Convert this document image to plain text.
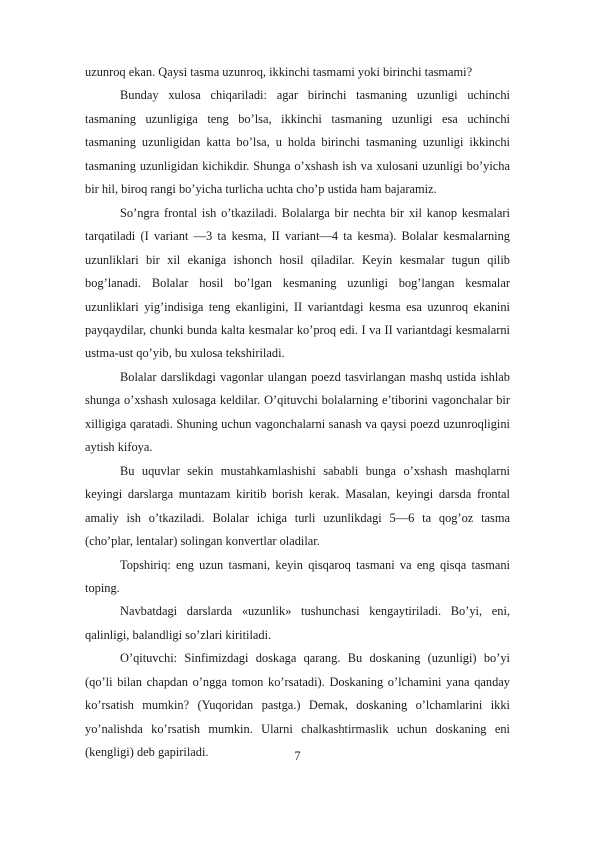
uzunroq ekan. Qaysi tasma uzunroq, ikkinchi tasmami yoki birinchi tasmami?

Bunday xulosa chiqariladi: agar birinchi tasmaning uzunligi uchinchi tasmaning uzunligiga teng bo’lsa, ikkinchi tasmaning uzunligi esa uchinchi tasmaning uzunligidan katta bo’lsa, u holda birinchi tasmaning uzunligi ikkinchi tasmaning uzunligidan kichikdir. Shunga o’xshash ish va xulosani uzunligi bo’yicha bir hil, biroq rangi bo’yicha turlicha uchta cho’p ustida ham bajaramiz.

So’ngra frontal ish o’tkaziladi. Bolalarga bir nechta bir xil kanop kesmalari tarqatiladi (I variant —3 ta kesma, II variant—4 ta kesma). Bolalar kesmalarning uzunliklari bir xil ekaniga ishonch hosil qiladilar. Keyin kesmalar tugun qilib bog’lanadi. Bolalar hosil bo’lgan kesmaning uzunligi bog’langan kesmalar uzunliklari yig’indisiga teng ekanligini, II variantdagi kesma esa uzunroq ekanini payqaydilar, chunki bunda kalta kesmalar ko’proq edi. I va II variantdagi kesmalarni ustma-ust qo’yib, bu xulosa tekshiriladi.

Bolalar darslikdagi vagonlar ulangan poezd tasvirlangan mashq ustida ishlab shunga o’xshash xulosaga keldilar. O’qituvchi bolalarning e’tiborini vagonchalar bir xilligiga qaratadi. Shuning uchun vagonchalarni sanash va qaysi poezd uzunroqligini aytish kifoya.

Bu uquvlar sekin mustahkamlashishi sababli bunga o’xshash mashqlarni keyingi darslarga muntazam kiritib borish kerak. Masalan, keyingi darsda frontal amaliy ish o’tkaziladi. Bolalar ichiga turli uzunlikdagi 5—6 ta qog’oz tasma (cho’plar, lentalar) solingan konvertlar oladilar.

Topshiriq: eng uzun tasmani, keyin qisqaroq tasmani va eng qisqa tasmani toping.

Navbatdagi darslarda «uzunlik» tushunchasi kengaytiriladi. Bo’yi, eni, qalinligi, balandligi so’zlari kiritiladi.

O’qituvchi: Sinfimizdagi doskaga qarang. Bu doskaning (uzunligi) bo’yi (qo’li bilan chapdan o’ngga tomon ko’rsatadi). Doskaning o’lchamini yana qanday ko’rsatish mumkin? (Yuqoridan pastga.) Demak, doskaning o’lchamlarini ikki yo’nalishda ko’rsatish mumkin. Ularni chalkashtirmaslik uchun doskaning eni (kengligi) deb gapiriladi.	7
